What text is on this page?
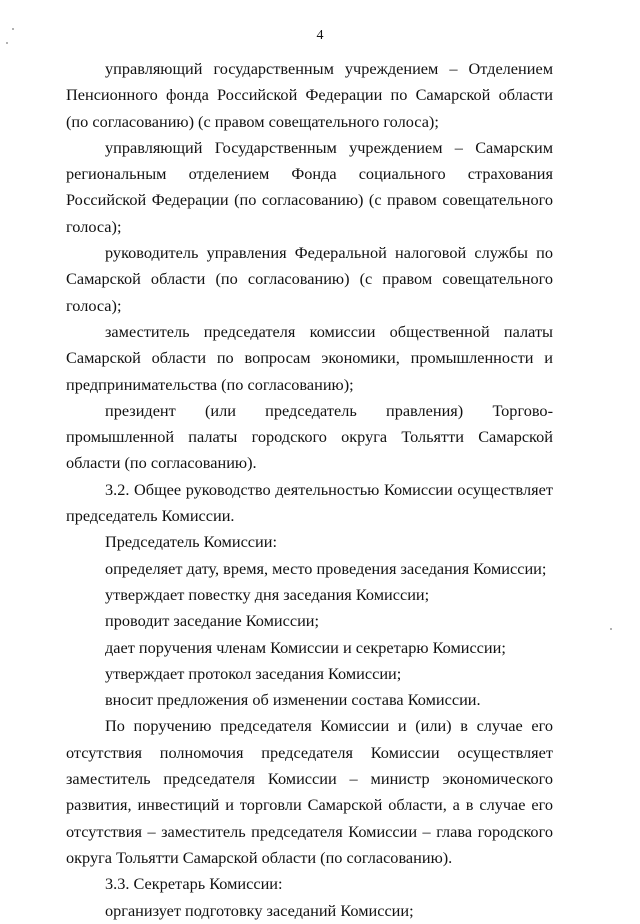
4

управляющий государственным учреждением – Отделением Пенсионного фонда Российской Федерации по Самарской области (по согласованию) (с правом совещательного голоса);

управляющий Государственным учреждением – Самарским региональным отделением Фонда социального страхования Российской Федерации (по согласованию) (с правом совещательного голоса);

руководитель управления Федеральной налоговой службы по Самарской области (по согласованию) (с правом совещательного голоса);

заместитель председателя комиссии общественной палаты Самарской области по вопросам экономики, промышленности и предпринимательства (по согласованию);

президент (или председатель правления) Торгово-промышленной палаты городского округа Тольятти Самарской области (по согласованию).

3.2. Общее руководство деятельностью Комиссии осуществляет председатель Комиссии.

Председатель Комиссии:

определяет дату, время, место проведения заседания Комиссии;

утверждает повестку дня заседания Комиссии;

проводит заседание Комиссии;

дает поручения членам Комиссии и секретарю Комиссии;

утверждает протокол заседания Комиссии;

вносит предложения об изменении состава Комиссии.

По поручению председателя Комиссии и (или) в случае его отсутствия полномочия председателя Комиссии осуществляет заместитель председателя Комиссии – министр экономического развития, инвестиций и торговли Самарской области, а в случае его отсутствия – заместитель председателя Комиссии – глава городского округа Тольятти Самарской области (по согласованию).

3.3. Секретарь Комиссии:

организует подготовку заседаний Комиссии;
